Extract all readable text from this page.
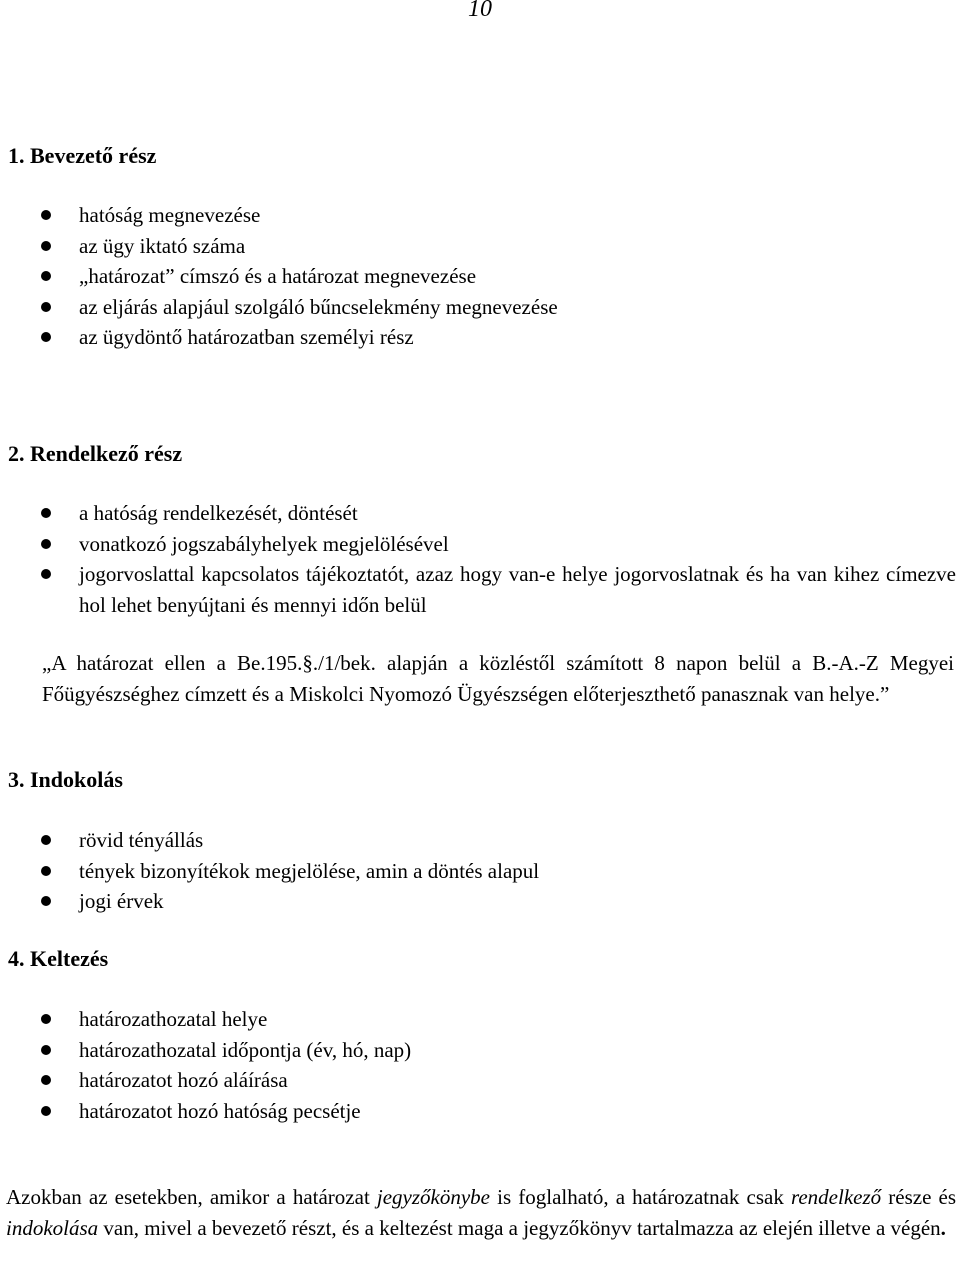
10
1. Bevezető rész
hatóság megnevezése
az ügy iktató száma
„határozat” címszó és a határozat megnevezése
az eljárás alapjául szolgáló bűncselekmény megnevezése
az ügydöntő határozatban személyi rész
2. Rendelkező rész
a hatóság rendelkezését, döntését
vonatkozó jogszabályhelyek megjelölésével
jogorvoslattal kapcsolatos tájékoztatót, azaz hogy van-e helye jogorvoslatnak és ha van kihez címezve hol lehet benyújtani és mennyi időn belül
„A határozat ellen a Be.195.§./1/bek. alapján a közléstől számított 8 napon belül a B.-A.-Z Megyei Főügyészséghez címzett és a Miskolci Nyomozó Ügyészségen előterjeszthető panasznak van helye.”
3. Indokolás
rövid tényállás
tények bizonyítékok megjelölése, amin a döntés alapul
jogi érvek
4. Keltezés
határozathozatal helye
határozathozatal időpontja (év, hó, nap)
határozatot hozó aláírása
határozatot hozó hatóság pecsétje
Azokban az esetekben, amikor a határozat jegyzőkönybe is foglalható, a határozatnak csak rendelkező része és indokolása van, mivel a bevezető részt, és a keltezést maga a jegyzőkönyv tartalmazza az elején illetve a végén.
